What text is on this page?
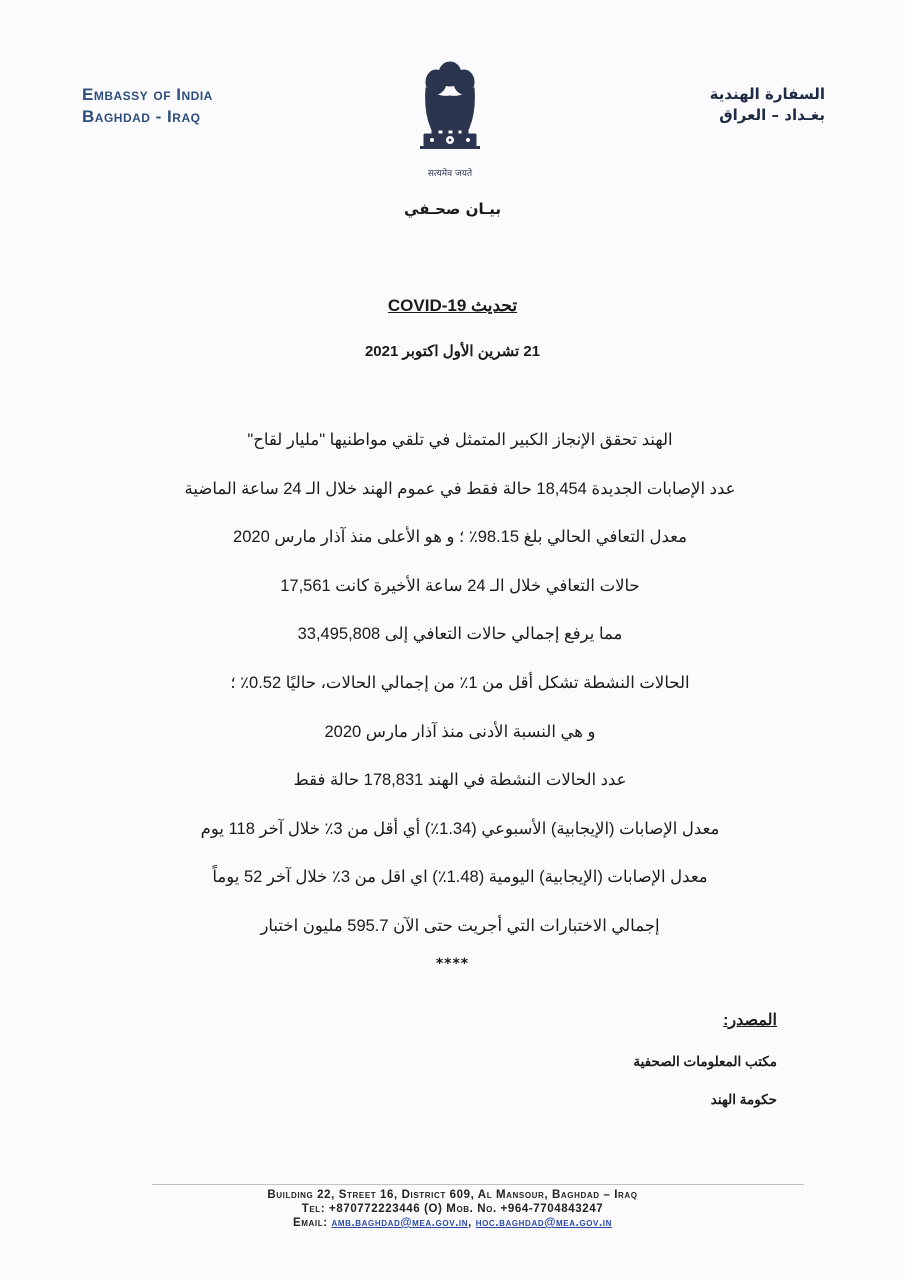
Embassy of India
Baghdad - Iraq
सत्यमेव जयते
السفارة الهندية
بغـداد – العراق
بيـان صحـفي
تحديث COVID-19
21 تشرين الأول اكتوبر 2021
الهند تحقق الإنجاز الكبير المتمثل في تلقي مواطنيها "مليار لقاح"
عدد الإصابات الجديدة 18,454 حالة فقط في عموم الهند خلال الـ 24 ساعة الماضية
معدل التعافي الحالي بلغ 98.15٪ ؛ و هو الأعلى منذ آذار مارس 2020
حالات التعافي خلال الـ 24 ساعة الأخيرة كانت 17,561
مما يرفع إجمالي حالات التعافي إلى 33,495,808
الحالات النشطة تشكل أقل من 1٪ من إجمالي الحالات، حاليًا 0.52٪ ؛
و هي النسبة الأدنى منذ آذار مارس 2020
عدد الحالات النشطة في الهند 178,831 حالة فقط
معدل الإصابات (الإيجابية) الأسبوعي (1.34٪) أي أقل من 3٪ خلال آخر 118 يوم
معدل الإصابات (الإيجابية) اليومية (1.48٪) اي اقل من 3٪ خلال آخر 52 يوماً
إجمالي الاختبارات التي أجريت حتى الآن 595.7 مليون اختبار
****
المصدر:
مكتب المعلومات الصحفية
حكومة الهند
Building 22, Street 16, District 609, Al Mansour, Baghdad – Iraq
Tel: +870772223446 (O) Mob. No. +964-7704843247
Email: amb.baghdad@mea.gov.in, hoc.baghdad@mea.gov.in
